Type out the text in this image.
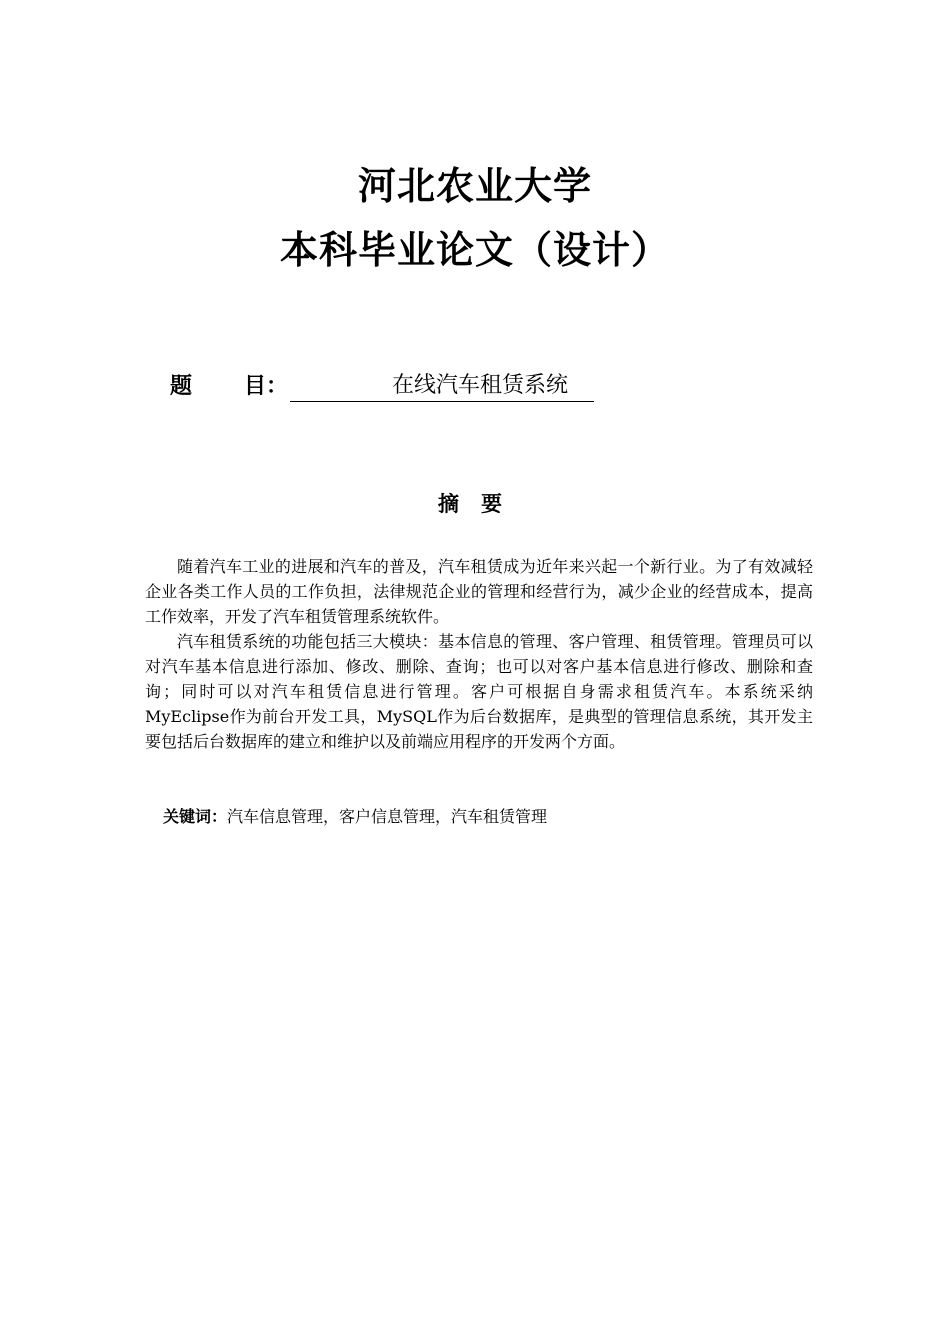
河北农业大学
本科毕业论文（设计）
题 目：	在线汽车租赁系统
摘 要

随着汽车工业的进展和汽车的普及，汽车租赁成为近年来兴起一个新行业。为了有效减轻企业各类工作人员的工作负担，法律规范企业的管理和经营行为，减少企业的经营成本，提高工作效率，开发了汽车租赁管理系统软件。

汽车租赁系统的功能包括三大模块：基本信息的管理、客户管理、租赁管理。管理员可以对汽车基本信息进行添加、修改、删除、查询；也可以对客户基本信息进行修改、删除和查询；同时可以对汽车租赁信息进行管理。客户可根据自身需求租赁汽车。本系统采纳MyEclipse作为前台开发工具，MySQL作为后台数据库，是典型的管理信息系统，其开发主要包括后台数据库的建立和维护以及前端应用程序的开发两个方面。

关键词：汽车信息管理，客户信息管理，汽车租赁管理
